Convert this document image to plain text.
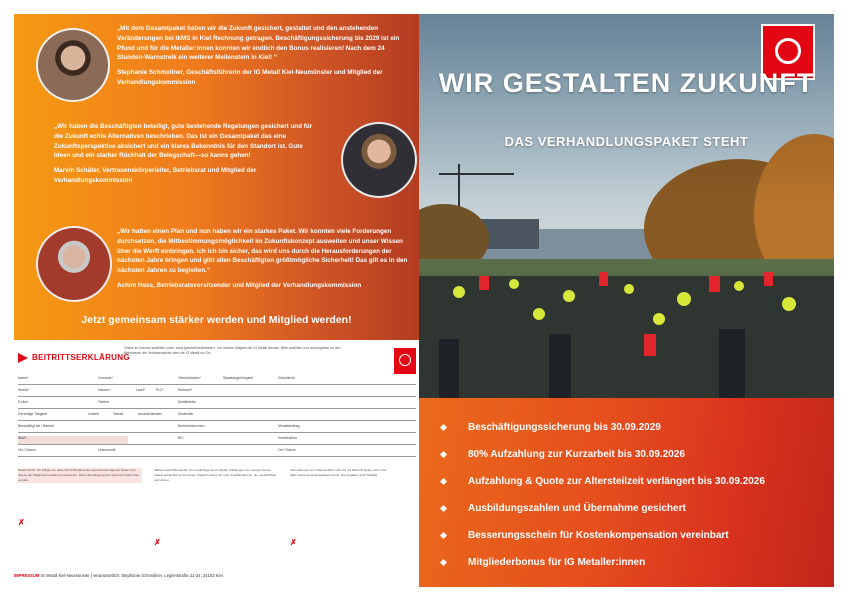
„Mit dem Gesamtpaket haben wir die Zukunft gesichert, gestaltet und den anstehenden Veränderungen bei tkMS in Kiel Rechnung getragen. Beschäftigungssicherung bis 2029 ist ein Pfund und für die Metaller:innen konnten wir endlich den Bonus realisieren! Nach dem 24 Stunden-Warnstreik ein weiterer Meilenstein in Kiel! “
Stephanie Schmoliner, Geschäftsführerin der IG Metall Kiel-Neumünster und Mitglied der Verhandlungskommission
„Wir haben die Beschäftigten beteiligt, gute bestehende Regelungen gesichert und für die Zukunft echte Alternativen beschrieben. Das ist ein Gesamtpaket das eine Zukunftsperspektive absichert und ein klares Bekenntnis für den Standort ist. Gute Ideen und ein starker Rückhalt der Belegschaft—so kanns gehen!
Marvin Schäfer, Vertrauenskörperleiter, Betriebsrat und Mitglied der Verhandlungskommission
„Wir hatten einen Plan und nun haben wir ein starkes Paket. Wir konnten viele Forderungen durchsetzen, die Mitbestimmungsmöglichkeit im Zukunftskonzept ausweiten und unser Wissen über die Werft einbringen. Ich ich bin sicher, das wird uns durch die Herausforderungen der nächsten Jahre bringen und gibt allen Beschäftigten größtmögliche Sicherheit! Das gilt es in den nächsten Jahren zu begleiten.“
Achim Hass, Betriebsratsvorsitzender und Mitglied der Verhandlungskommission
Jetzt gemeinsam stärker werden und Mitglied werden!
BEITRITTSERKLÄRUNG
Online im Internet ausfüllen unter: www.igmetall.de/beitreten · Ich möchte Mitglied der IG Metall werden. Bitte ausfüllen und zurückgeben an den Betriebsrat, die Vertrauensleute oder die IG Metall vor Ort.
Name*	Vorname*	Geburtsdatum*	Staatsangehörigkeit	Geschlecht
Straße*	Hausnr.*	Land*	PLZ*	Wohnort*
E-Mail	Telefon	Mobiltelefon
Derzeitige Tätigkeit	Vollzeit	Teilzeit	Auszubildende/r	Student/in
Beschäftigt bei / Betrieb	Bruttoeinkommen	Monatsbeitrag
IBAN	BIC	Kreditinstitut
Ort / Datum	Unterschrift	Ort / Datum
Datenschutz: Ich willige ein, dass die IG Metall meine personenbezogenen Daten zum Zweck der Mitgliederverwaltung verarbeitet. Diese Einwilligung kann jederzeit widerrufen werden.
SEPA-Lastschriftmandat: Ich ermächtige die IG Metall, Zahlungen von meinem Konto mittels Lastschrift einzuziehen. Zugleich weise ich mein Kreditinstitut an, die Lastschriften einzulösen.
Informationen zum Datenschutz nach Art. 13 DSGVO finden sich unter https://www.igmetall.de/datenschutz. Die Angaben sind freiwillig.
✗
✗	✗
IMPRESSUM IG Metall Kiel-Neumünster | verantwortlich: Stephanie Schmoliner, Legienstraße 22-24, 24103 Kiel
WIR GESTALTEN ZUKUNFT
DAS VERHANDLUNGSPAKET STEHT
Beschäftigungssicherung bis 30.09.2029
80% Aufzahlung zur Kurzarbeit bis 30.09.2026
Aufzahlung & Quote zur Altersteilzeit verlängert bis 30.09.2026
Ausbildungszahlen und Übernahme gesichert
Besserungsschein für Kostenkompensation vereinbart
Mitgliederbonus für IG Metaller:innen
